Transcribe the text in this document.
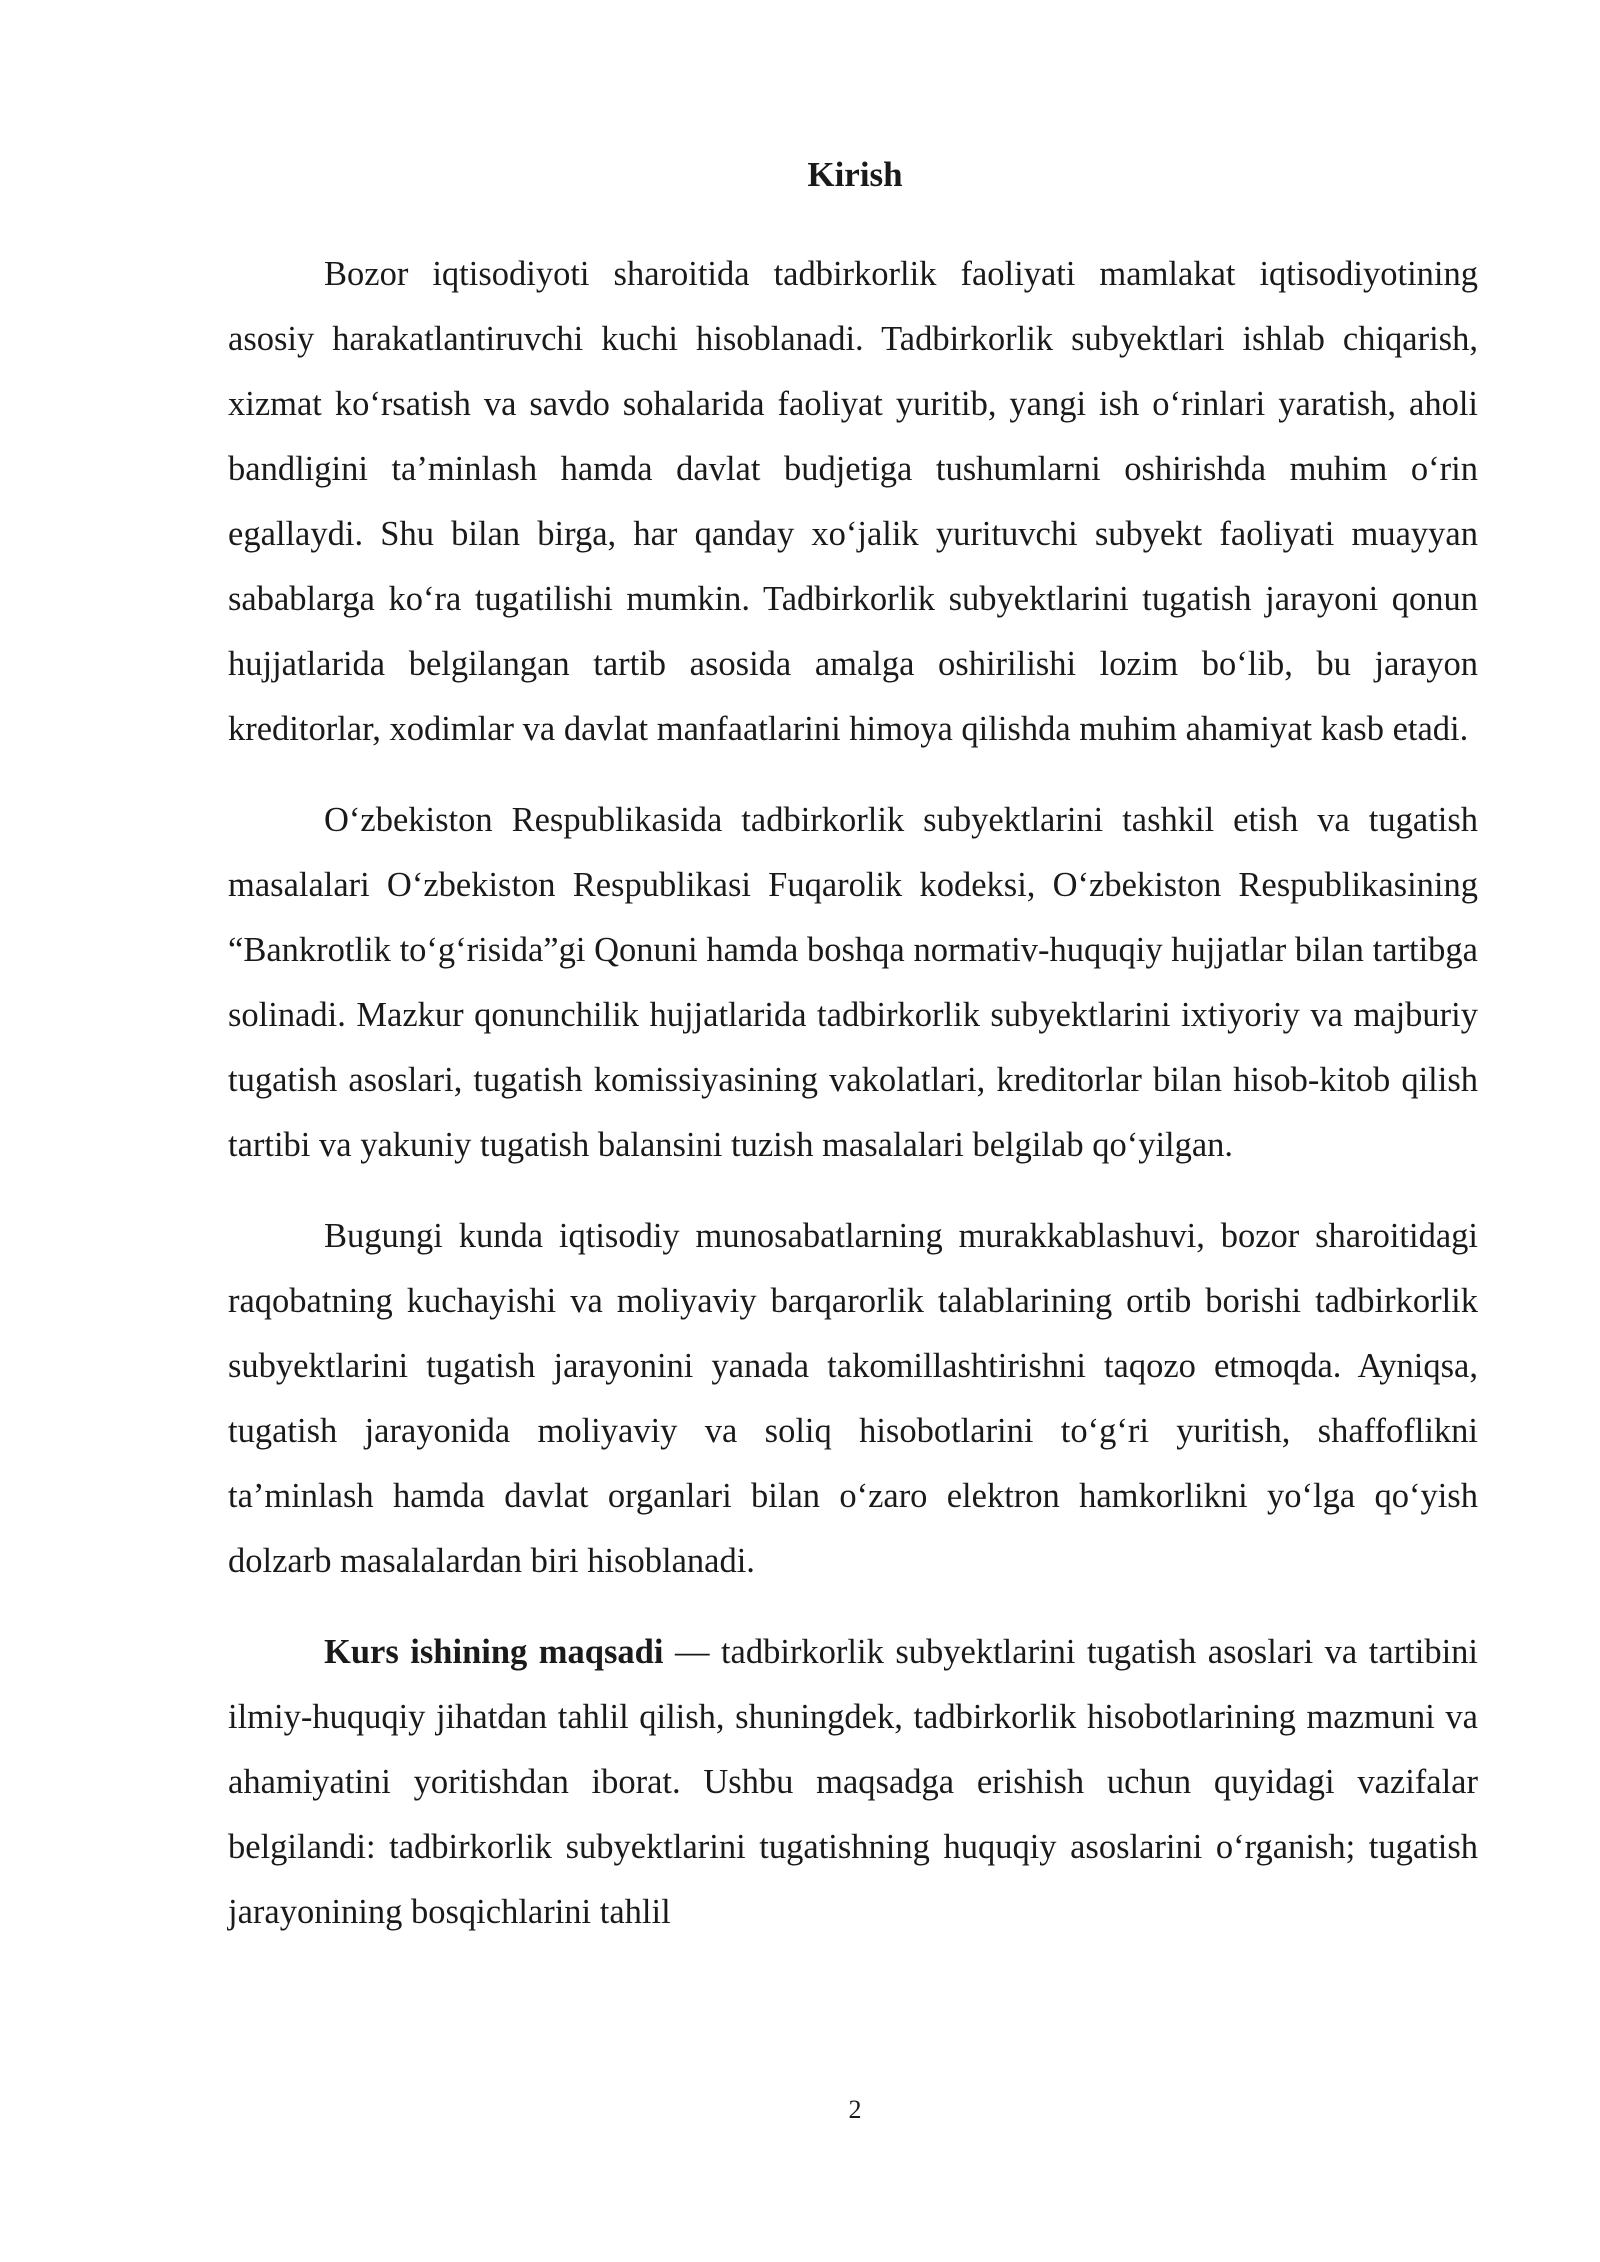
Kirish

Bozor iqtisodiyoti sharoitida tadbirkorlik faoliyati mamlakat iqtisodiyotining asosiy harakatlantiruvchi kuchi hisoblanadi. Tadbirkorlik subyektlari ishlab chiqarish, xizmat ko‘rsatish va savdo sohalarida faoliyat yuritib, yangi ish o‘rinlari yaratish, aholi bandligini ta’minlash hamda davlat budjetiga tushumlarni oshirishda muhim o‘rin egallaydi. Shu bilan birga, har qanday xo‘jalik yurituvchi subyekt faoliyati muayyan sabablarga ko‘ra tugatilishi mumkin. Tadbirkorlik subyektlarini tugatish jarayoni qonun hujjatlarida belgilangan tartib asosida amalga oshirilishi lozim bo‘lib, bu jarayon kreditorlar, xodimlar va davlat manfaatlarini himoya qilishda muhim ahamiyat kasb etadi.

O‘zbekiston Respublikasida tadbirkorlik subyektlarini tashkil etish va tugatish masalalari O‘zbekiston Respublikasi Fuqarolik kodeksi, O‘zbekiston Respublikasining “Bankrotlik to‘g‘risida”gi Qonuni hamda boshqa normativ-huquqiy hujjatlar bilan tartibga solinadi. Mazkur qonunchilik hujjatlarida tadbirkorlik subyektlarini ixtiyoriy va majburiy tugatish asoslari, tugatish komissiyasining vakolatlari, kreditorlar bilan hisob-kitob qilish tartibi va yakuniy tugatish balansini tuzish masalalari belgilab qo‘yilgan.

Bugungi kunda iqtisodiy munosabatlarning murakkablashuvi, bozor sharoitidagi raqobatning kuchayishi va moliyaviy barqarorlik talablarining ortib borishi tadbirkorlik subyektlarini tugatish jarayonini yanada takomillashtirishni taqozo etmoqda. Ayniqsa, tugatish jarayonida moliyaviy va soliq hisobotlarini to‘g‘ri yuritish, shaffoflikni ta’minlash hamda davlat organlari bilan o‘zaro elektron hamkorlikni yo‘lga qo‘yish dolzarb masalalardan biri hisoblanadi.

Kurs ishining maqsadi — tadbirkorlik subyektlarini tugatish asoslari va tartibini ilmiy-huquqiy jihatdan tahlil qilish, shuningdek, tadbirkorlik hisobotlarining mazmuni va ahamiyatini yoritishdan iborat. Ushbu maqsadga erishish uchun quyidagi vazifalar belgilandi: tadbirkorlik subyektlarini tugatishning huquqiy asoslarini o‘rganish; tugatish jarayonining bosqichlarini tahlil

2
